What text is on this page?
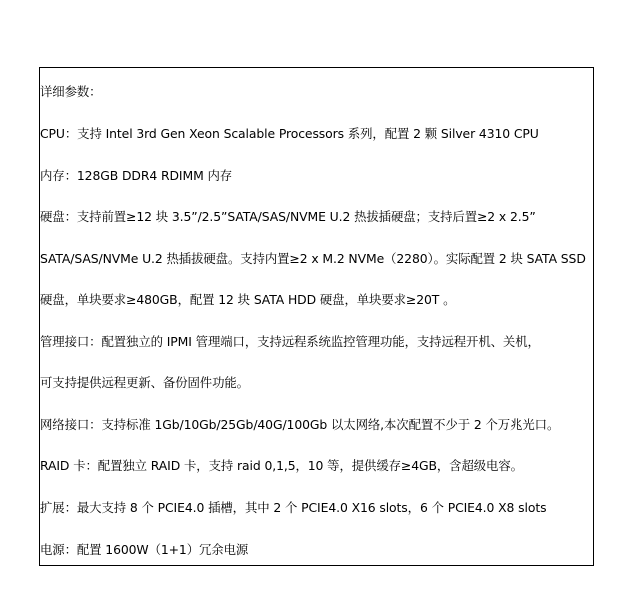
详细参数：
CPU：支持 Intel 3rd Gen Xeon Scalable Processors 系列，配置 2 颗 Silver 4310 CPU
内存：128GB DDR4 RDIMM 内存
硬盘：支持前置≥12 块 3.5”/2.5”SATA/SAS/NVME U.2 热拔插硬盘；支持后置≥2 x 2.5”
SATA/SAS/NVMe U.2 热插拔硬盘。支持内置≥2 x M.2 NVMe（2280）。实际配置 2 块 SATA SSD
硬盘，单块要求≥480GB，配置 12 块 SATA HDD 硬盘，单块要求≥20T 。
管理接口：配置独立的 IPMI 管理端口，支持远程系统监控管理功能，支持远程开机、关机，
可支持提供远程更新、备份固件功能。
网络接口：支持标准 1Gb/10Gb/25Gb/40G/100Gb 以太网络,本次配置不少于 2 个万兆光口。
RAID 卡：配置独立 RAID 卡，支持 raid 0,1,5，10 等，提供缓存≥4GB，含超级电容。
扩展：最大支持 8 个 PCIE4.0 插槽，其中 2 个 PCIE4.0 X16 slots，6 个 PCIE4.0 X8 slots
电源：配置 1600W（1+1）冗余电源
